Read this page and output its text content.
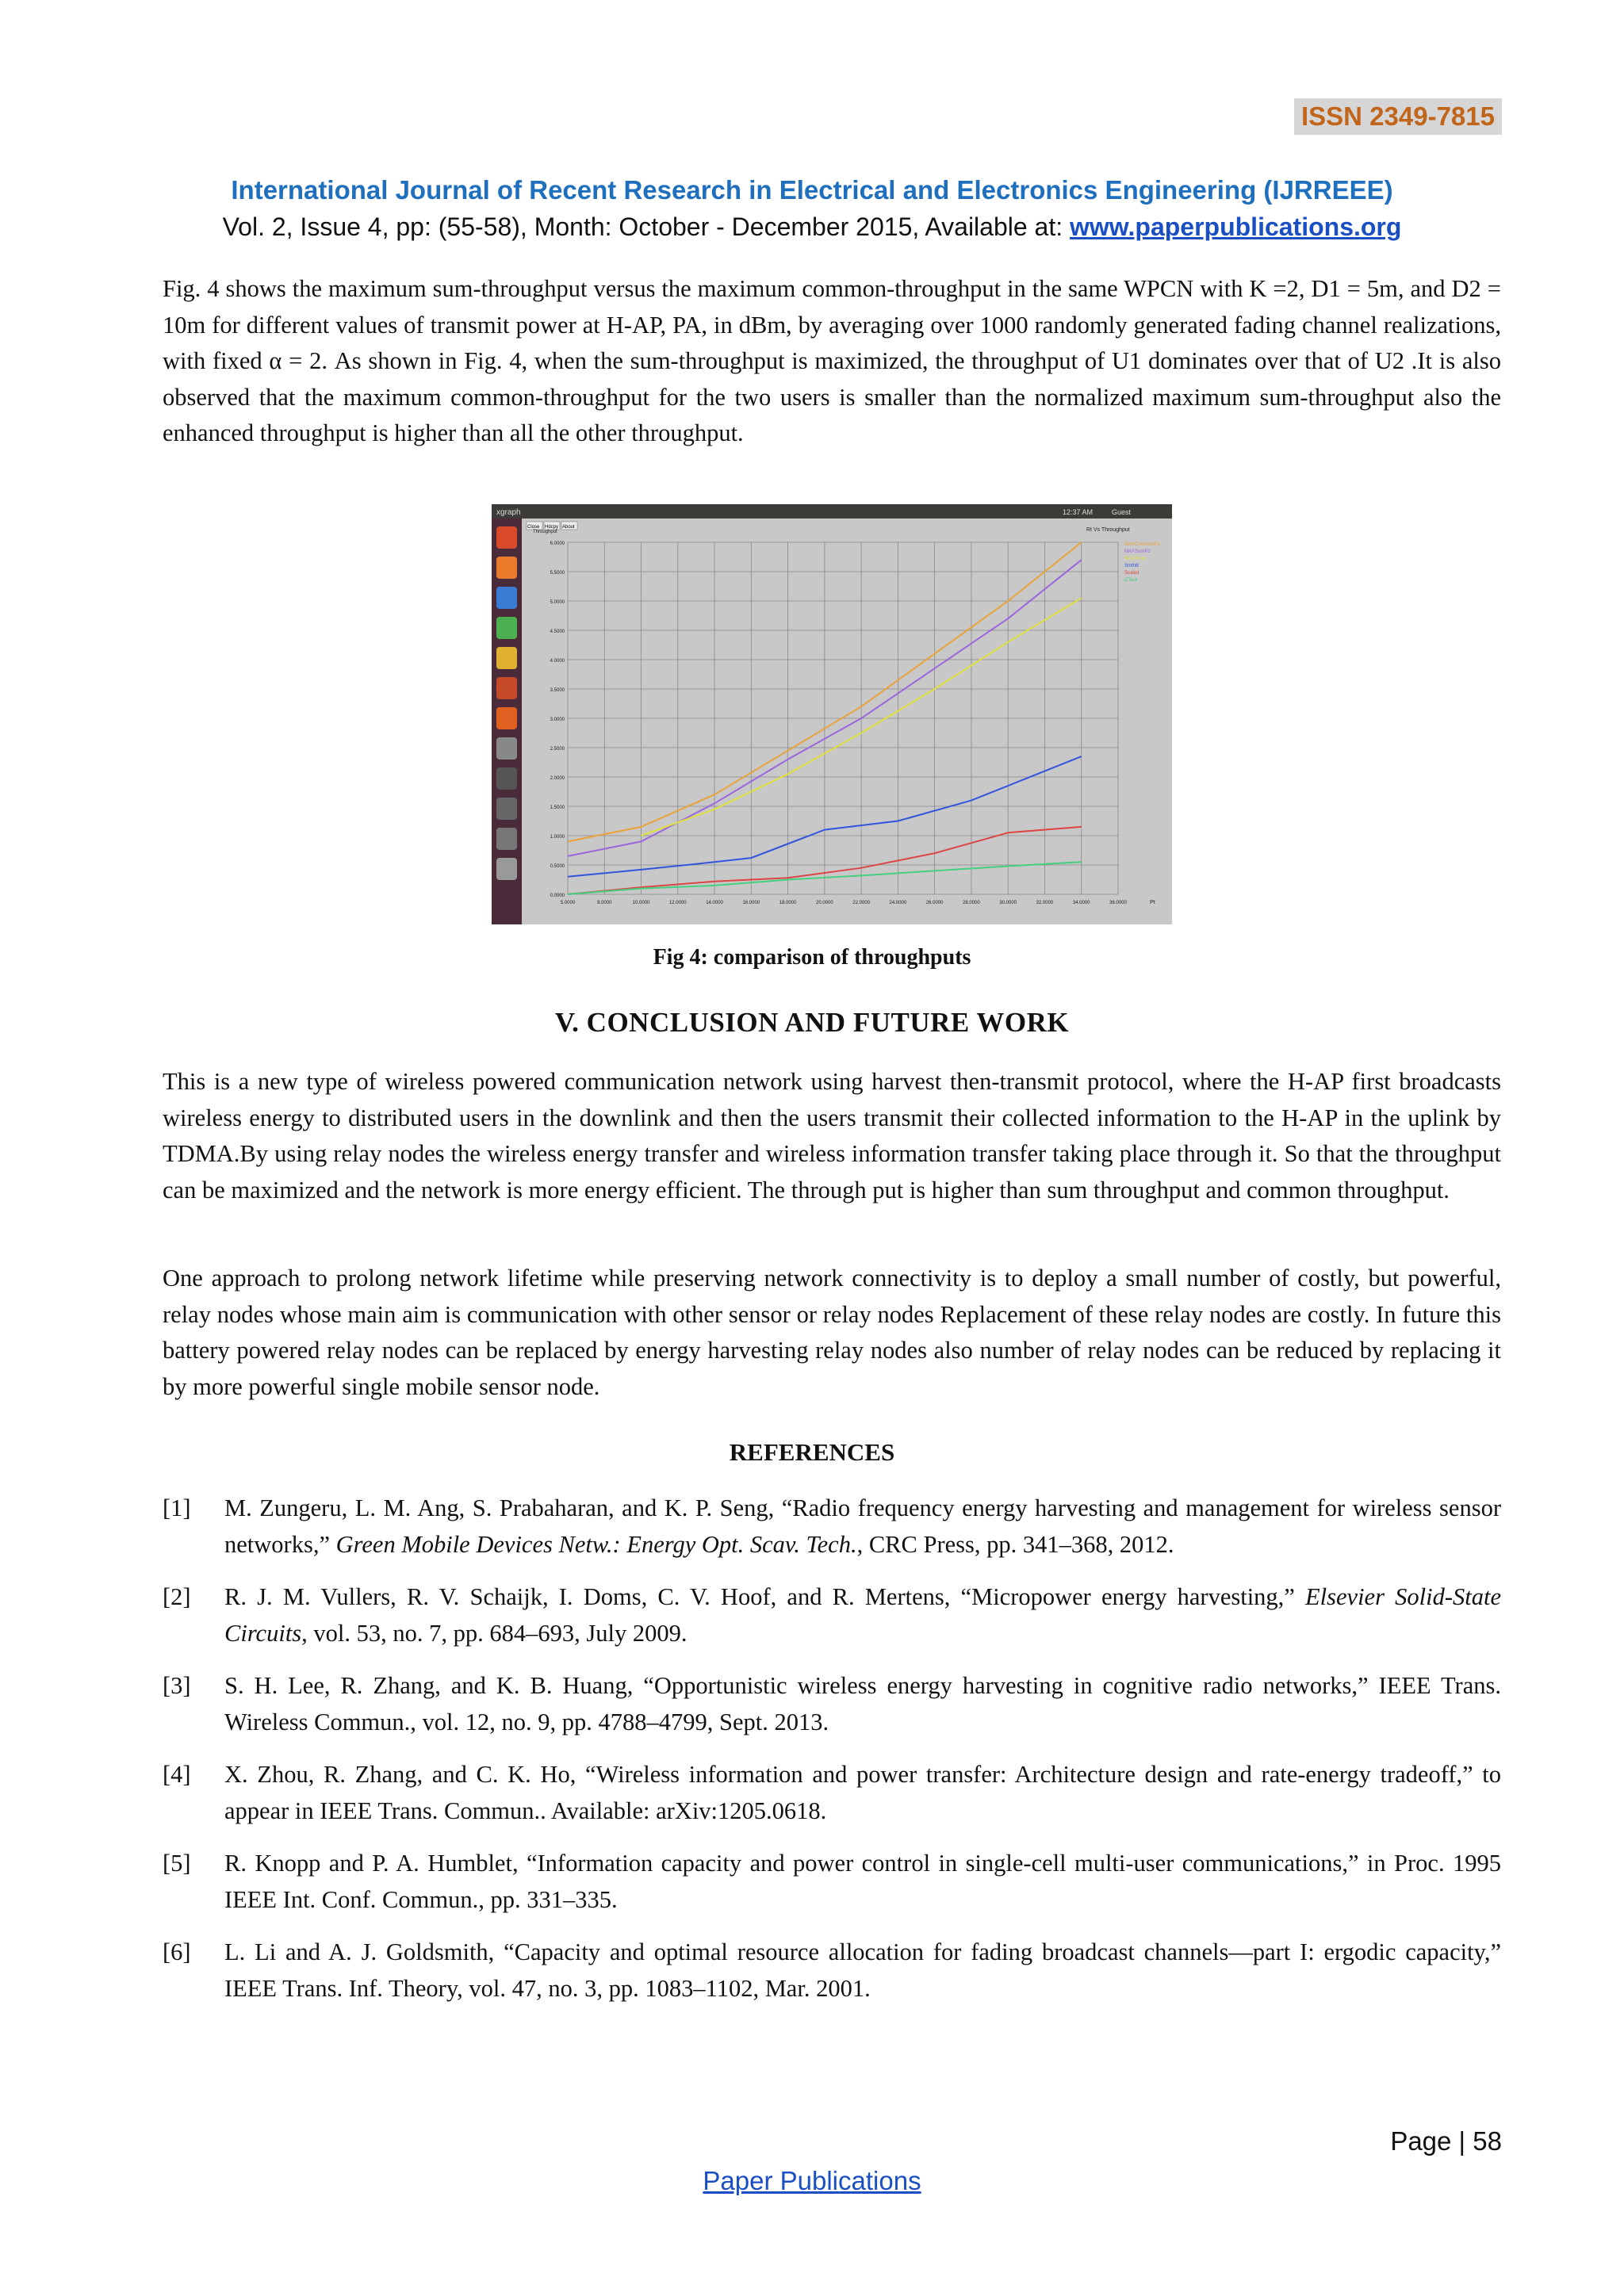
ISSN 2349-7815
International Journal of Recent Research in Electrical and Electronics Engineering (IJRREEE)
Vol. 2, Issue 4, pp: (55-58), Month: October - December 2015, Available at: www.paperpublications.org

Fig. 4 shows the maximum sum-throughput versus the maximum common-throughput in the same WPCN with K =2, D1 = 5m, and D2 = 10m for different values of transmit power at H-AP, PA, in dBm, by averaging over 1000 randomly generated fading channel realizations, with fixed α = 2. As shown in Fig. 4, when the sum-throughput is maximized, the throughput of U1 dominates over that of U2 .It is also observed that the maximum common-throughput for the two users is smaller than the normalized maximum sum-throughput also the enhanced throughput is higher than all the other throughput.

xgraph	12:37 AM	Guest
Close Hdcpy About	Rt Vs Throughput
Throughput
0.0000
0.5000
1.0000
1.5000
2.0000
2.5000
3.0000
3.5000
4.0000
4.5000
5.0000
5.5000
6.0000
5.0000	8.0000	10.0000	12.0000	14.0000	16.0000	18.0000	20.0000	22.0000	24.0000	26.0000	28.0000	30.0000	32.0000	34.0000	36.0000	Pt
MAXCommonP1
MAXSumP2
MAXThrpt
SmthB
Scaled
CTask
Fig 4: comparison of throughputs
V. CONCLUSION AND FUTURE WORK

This is a new type of wireless powered communication network using harvest then-transmit protocol, where the H-AP first broadcasts wireless energy to distributed users in the downlink and then the users transmit their collected information to the H-AP in the uplink by TDMA.By using relay nodes the wireless energy transfer and wireless information transfer taking place through it. So that the throughput can be maximized and the network is more energy efficient. The through put is higher than sum throughput and common throughput.

One approach to prolong network lifetime while preserving network connectivity is to deploy a small number of costly, but powerful, relay nodes whose main aim is communication with other sensor or relay nodes Replacement of these relay nodes are costly. In future this battery powered relay nodes can be replaced by energy harvesting relay nodes also number of relay nodes can be reduced by replacing it by more powerful single mobile sensor node.

REFERENCES
[1] M. Zungeru, L. M. Ang, S. Prabaharan, and K. P. Seng, “Radio frequency energy harvesting and management for wireless sensor networks,” Green Mobile Devices Netw.: Energy Opt. Scav. Tech., CRC Press, pp. 341–368, 2012.
[2] R. J. M. Vullers, R. V. Schaijk, I. Doms, C. V. Hoof, and R. Mertens, “Micropower energy harvesting,” Elsevier Solid-State Circuits, vol. 53, no. 7, pp. 684–693, July 2009.
[3] S. H. Lee, R. Zhang, and K. B. Huang, “Opportunistic wireless energy harvesting in cognitive radio networks,” IEEE Trans. Wireless Commun., vol. 12, no. 9, pp. 4788–4799, Sept. 2013.
[4] X. Zhou, R. Zhang, and C. K. Ho, “Wireless information and power transfer: Architecture design and rate-energy tradeoff,” to appear in IEEE Trans. Commun.. Available: arXiv:1205.0618.
[5] R. Knopp and P. A. Humblet, “Information capacity and power control in single-cell multi-user communications,” in Proc. 1995 IEEE Int. Conf. Commun., pp. 331–335.
[6] L. Li and A. J. Goldsmith, “Capacity and optimal resource allocation for fading broadcast channels—part I: ergodic capacity,” IEEE Trans. Inf. Theory, vol. 47, no. 3, pp. 1083–1102, Mar. 2001.
Page | 58
Paper Publications
